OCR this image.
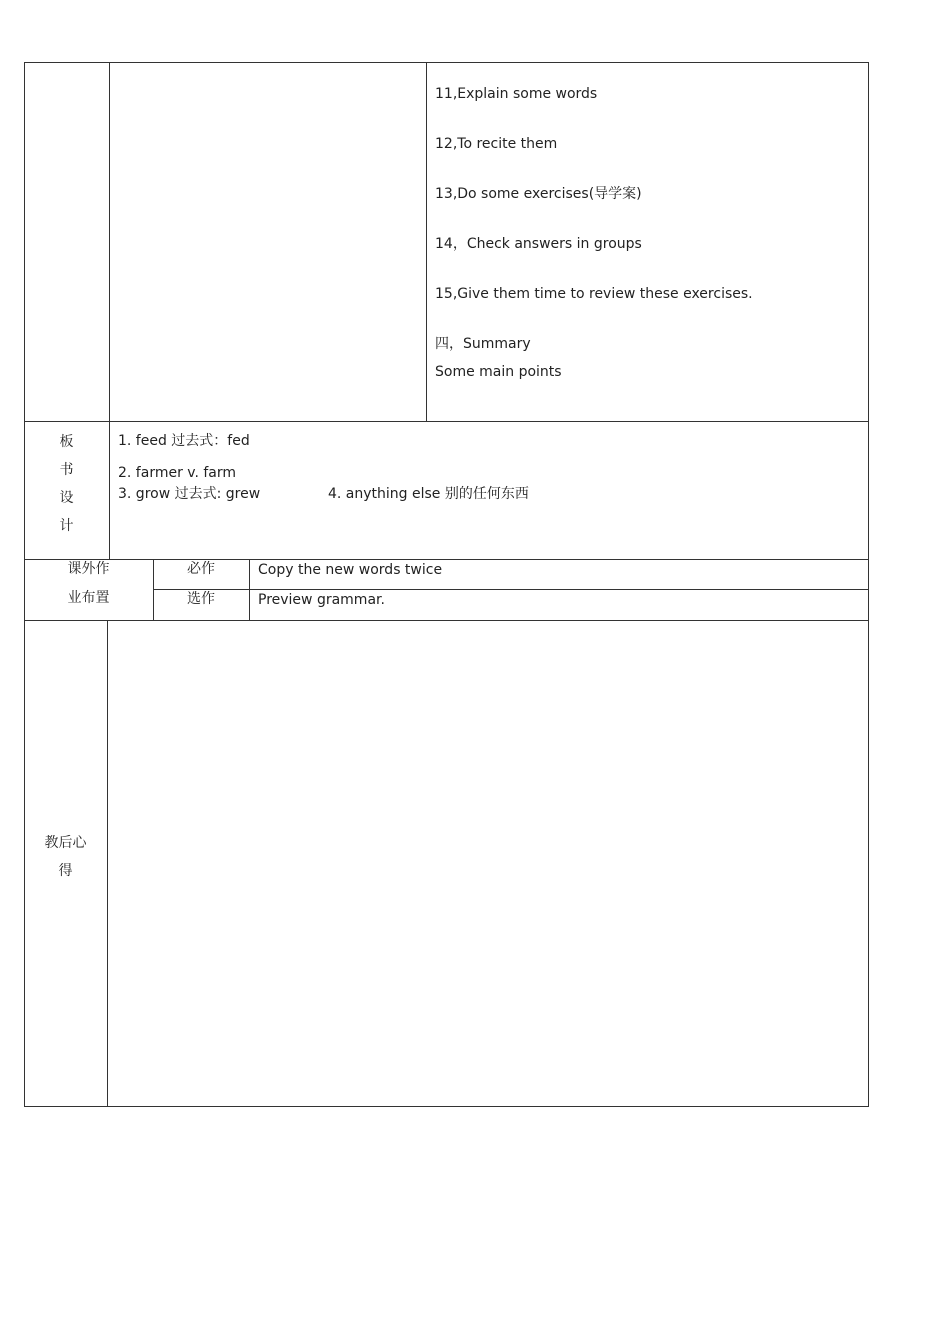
11,Explain some words
12,To recite them
13,Do some exercises(导学案)
14，Check answers in groups
15,Give them time to review these exercises.
四，Summary
Some main points
板
书
设
计
1. feed 过去式：fed
2. farmer v. farm
3. grow 过去式: grew	4. anything else 别的任何东西
课外作
业布置
必作	Copy the new words twice
选作	Preview grammar.
教后心
得
